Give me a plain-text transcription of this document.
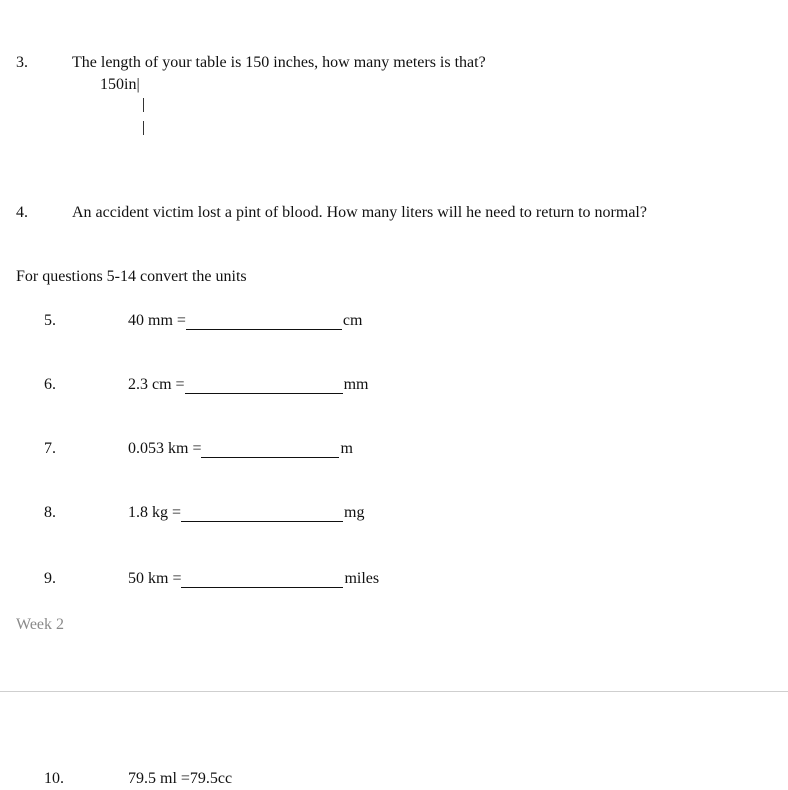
3.	The length of your table is 150 inches, how many meters is that?
150in|
4.	An accident victim lost a pint of blood. How many liters will he need to return to normal?
For questions 5-14 convert the units
5.	40 mm =	cm
6.	2.3 cm =	mm
7.	0.053 km =	m
8.	1.8 kg =	mg
9.	50 km =	miles
Week 2
10.	79.5 ml =79.5cc
